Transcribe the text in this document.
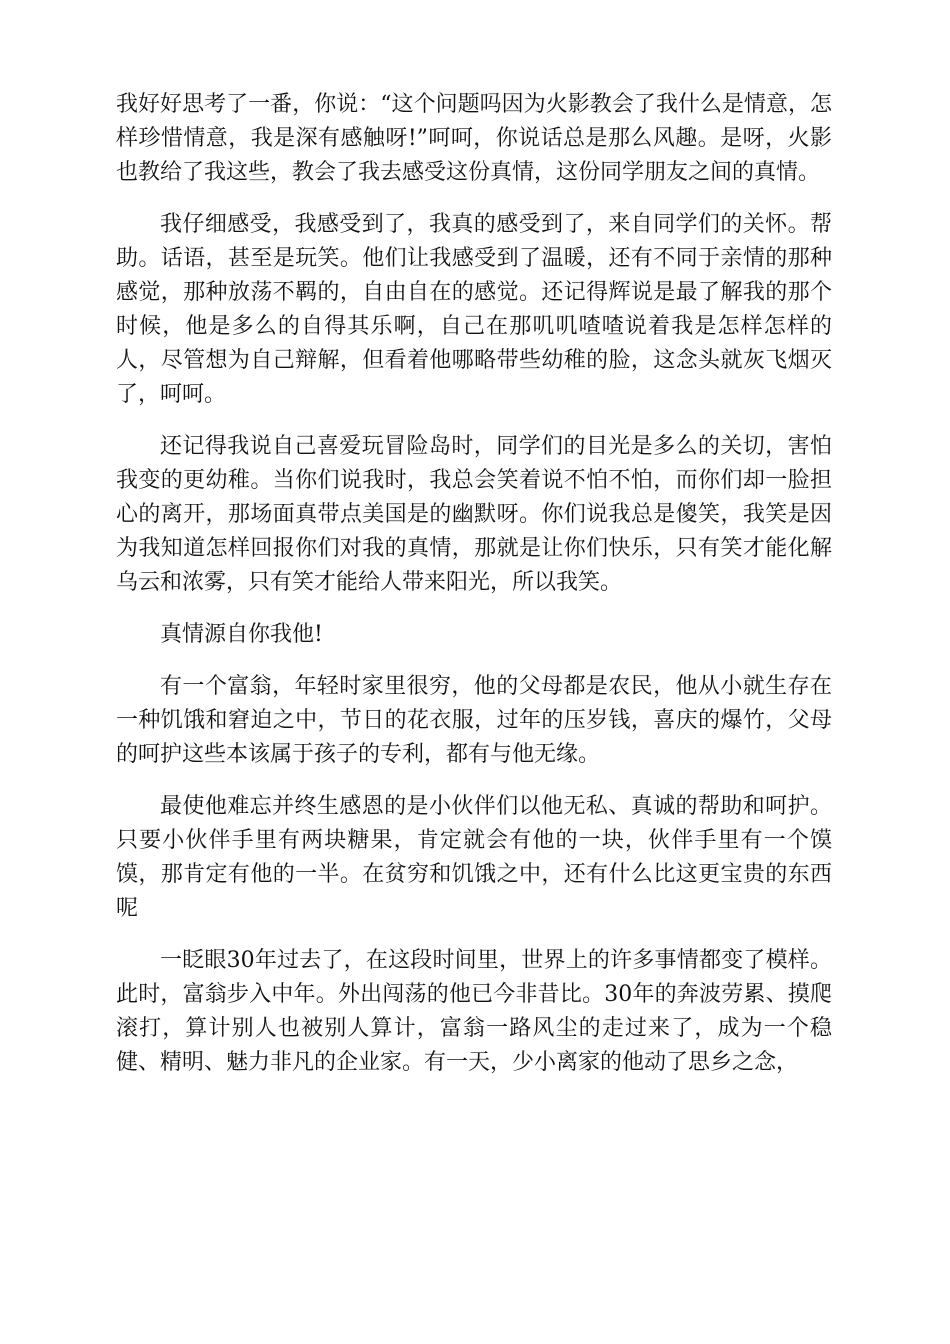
我好好思考了一番，你说：“这个问题吗因为火影教会了我什么是情意，怎样珍惜情意，我是深有感触呀!”呵呵，你说话总是那么风趣。是呀，火影也教给了我这些，教会了我去感受这份真情，这份同学朋友之间的真情。

我仔细感受，我感受到了，我真的感受到了，来自同学们的关怀。帮助。话语，甚至是玩笑。他们让我感受到了温暖，还有不同于亲情的那种感觉，那种放荡不羁的，自由自在的感觉。还记得辉说是最了解我的那个时候，他是多么的自得其乐啊，自己在那叽叽喳喳说着我是怎样怎样的人，尽管想为自己辩解，但看着他哪略带些幼稚的脸，这念头就灰飞烟灭了，呵呵。

还记得我说自己喜爱玩冒险岛时，同学们的目光是多么的关切，害怕我变的更幼稚。当你们说我时，我总会笑着说不怕不怕，而你们却一脸担心的离开，那场面真带点美国是的幽默呀。你们说我总是傻笑，我笑是因为我知道怎样回报你们对我的真情，那就是让你们快乐，只有笑才能化解乌云和浓雾，只有笑才能给人带来阳光，所以我笑。

真情源自你我他!

有一个富翁，年轻时家里很穷，他的父母都是农民，他从小就生存在一种饥饿和窘迫之中，节日的花衣服，过年的压岁钱，喜庆的爆竹，父母的呵护这些本该属于孩子的专利，都有与他无缘。

最使他难忘并终生感恩的是小伙伴们以他无私、真诚的帮助和呵护。只要小伙伴手里有两块糖果，肯定就会有他的一块，伙伴手里有一个馍馍，那肯定有他的一半。在贫穷和饥饿之中，还有什么比这更宝贵的东西呢

一眨眼30年过去了，在这段时间里，世界上的许多事情都变了模样。此时，富翁步入中年。外出闯荡的他已今非昔比。30年的奔波劳累、摸爬滚打，算计别人也被别人算计，富翁一路风尘的走过来了，成为一个稳健、精明、魅力非凡的企业家。有一天，少小离家的他动了思乡之念，
